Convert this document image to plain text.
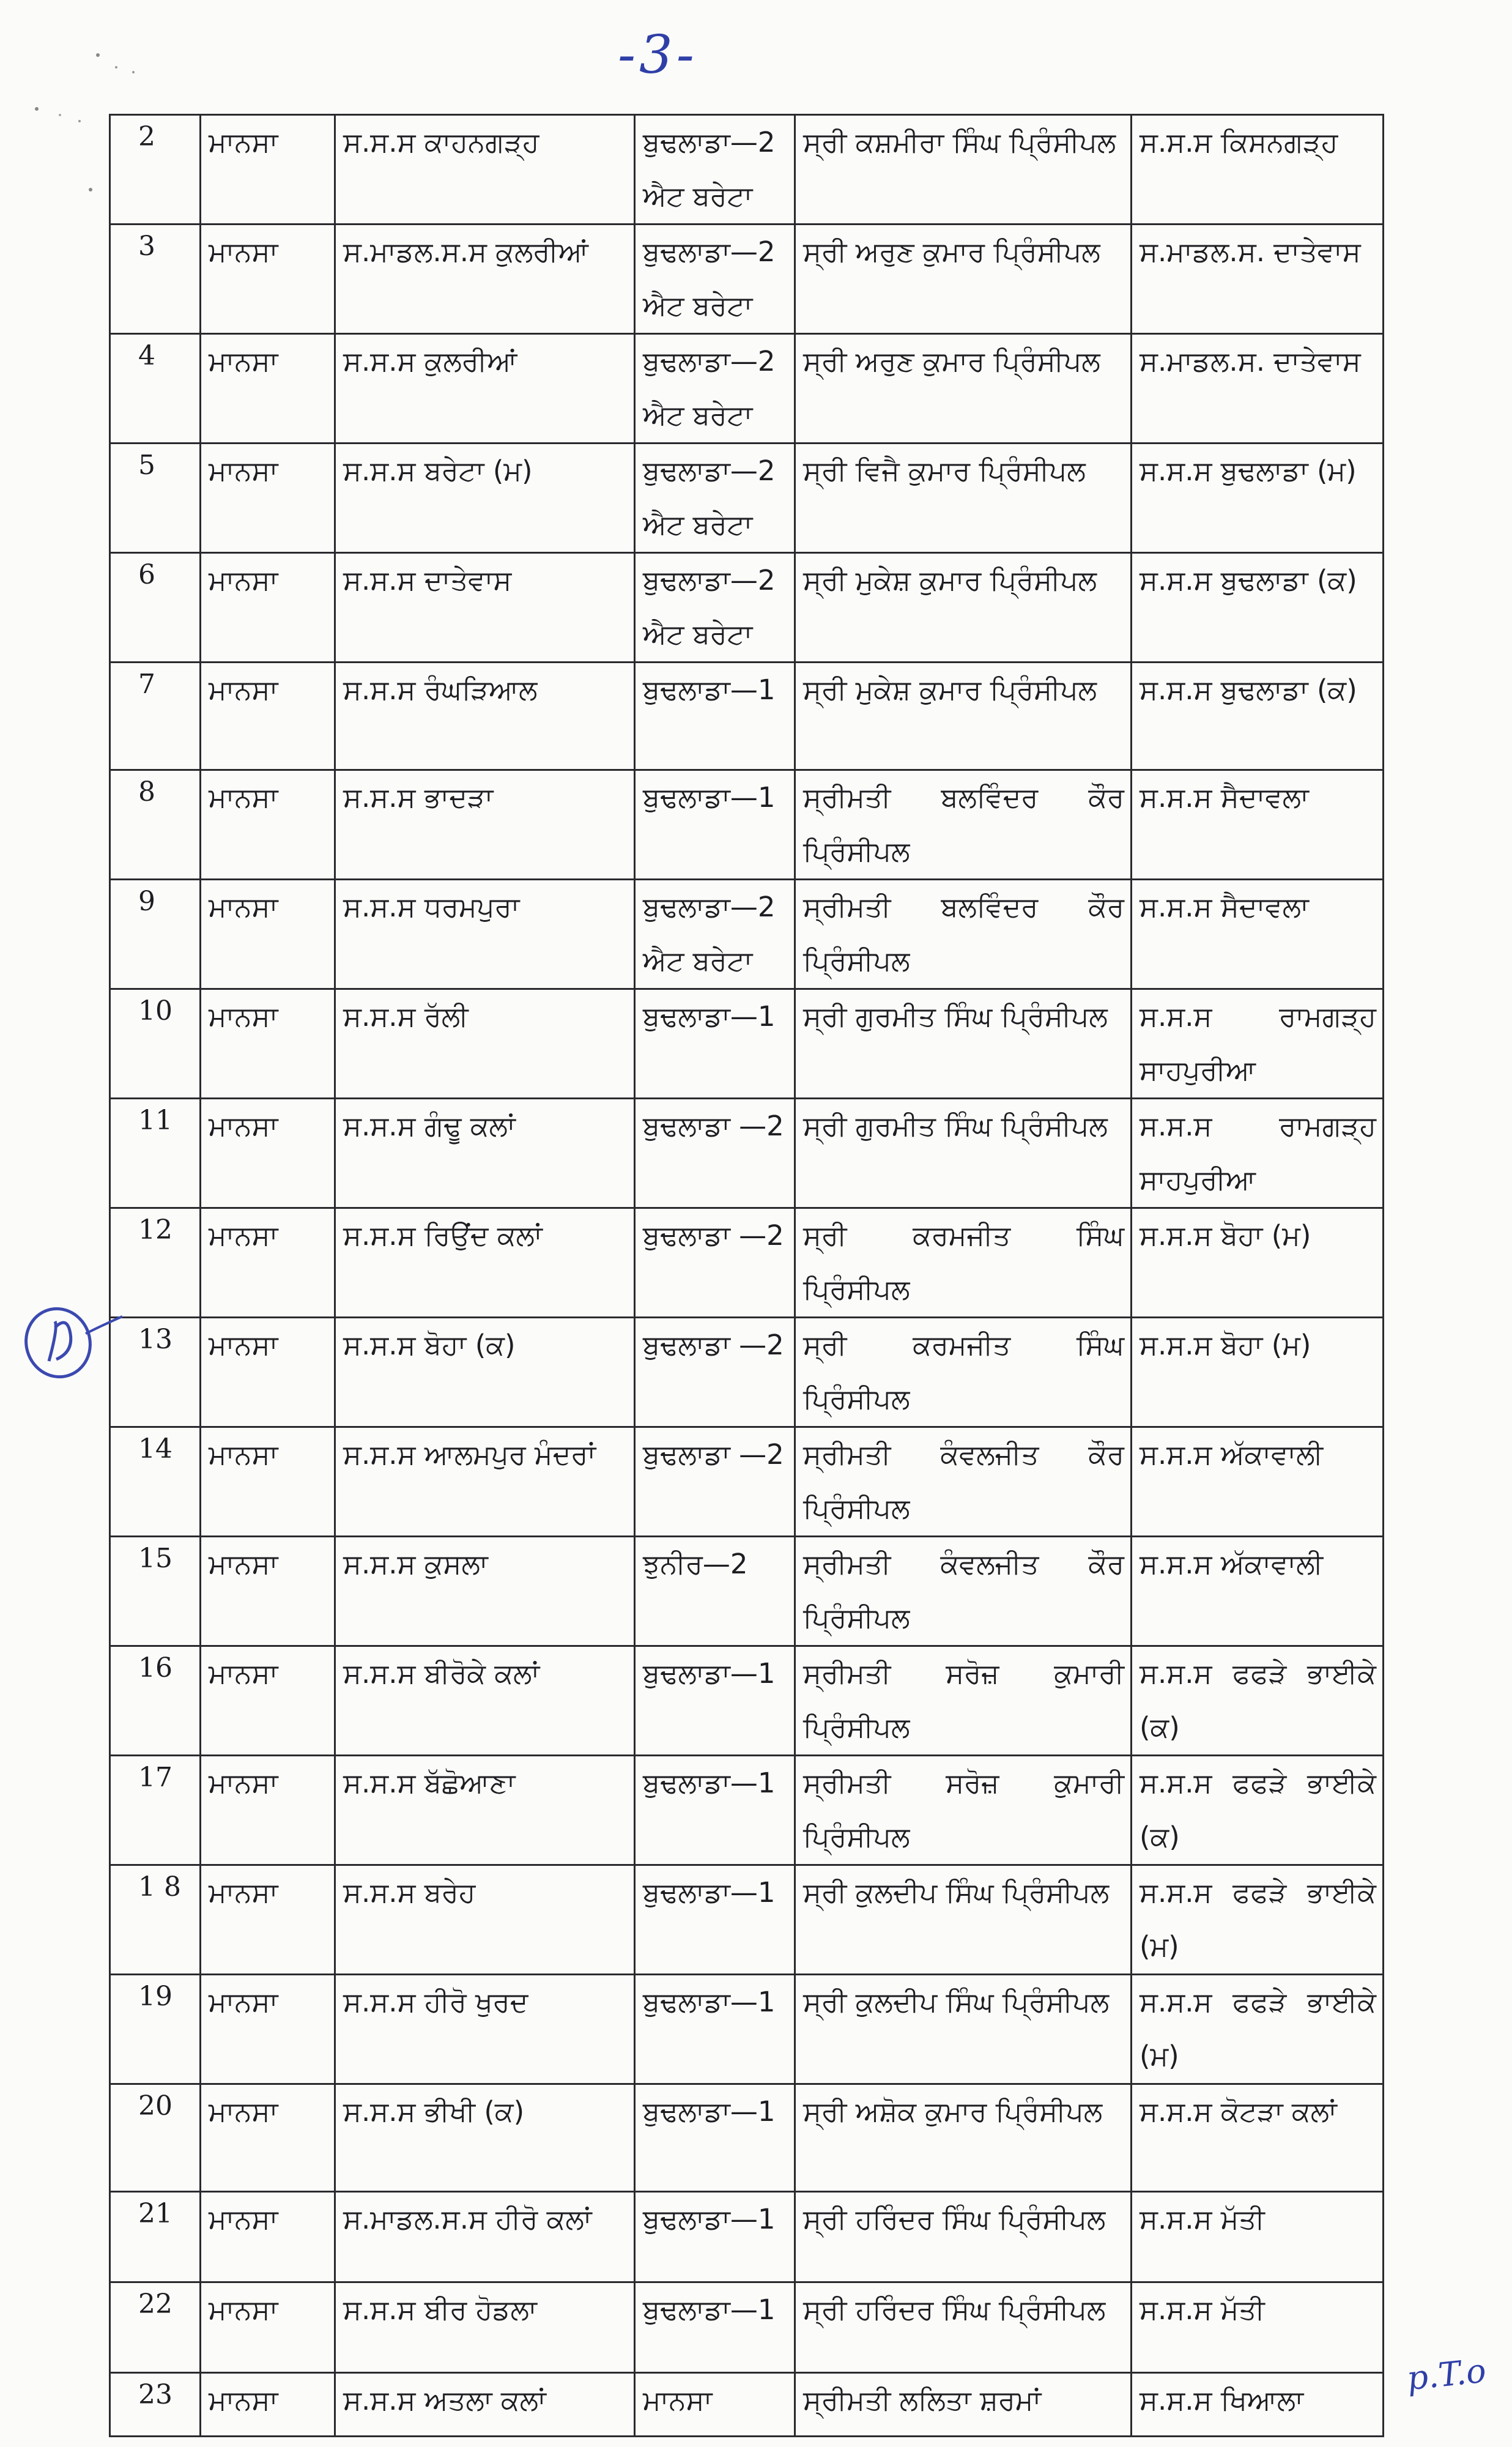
-3-
2	ਮਾਨਸਾ	ਸ.ਸ.ਸ ਕਾਹਨਗੜ੍ਹ	ਬੁਢਲਾਡਾ—2 ਐਟ ਬਰੇਟਾ	ਸ੍ਰੀ ਕਸ਼ਮੀਰਾ ਸਿੰਘ ਪ੍ਰਿੰਸੀਪਲ	ਸ.ਸ.ਸ ਕਿਸਨਗੜ੍ਹ
3	ਮਾਨਸਾ	ਸ.ਮਾਡਲ.ਸ.ਸ ਕੁਲਰੀਆਂ	ਬੁਢਲਾਡਾ—2 ਐਟ ਬਰੇਟਾ	ਸ੍ਰੀ ਅਰੁਣ ਕੁਮਾਰ ਪ੍ਰਿੰਸੀਪਲ	ਸ.ਮਾਡਲ.ਸ. ਦਾਤੇਵਾਸ
4	ਮਾਨਸਾ	ਸ.ਸ.ਸ ਕੁਲਰੀਆਂ	ਬੁਢਲਾਡਾ—2 ਐਟ ਬਰੇਟਾ	ਸ੍ਰੀ ਅਰੁਣ ਕੁਮਾਰ ਪ੍ਰਿੰਸੀਪਲ	ਸ.ਮਾਡਲ.ਸ. ਦਾਤੇਵਾਸ
5	ਮਾਨਸਾ	ਸ.ਸ.ਸ ਬਰੇਟਾ (ਮ)	ਬੁਢਲਾਡਾ—2 ਐਟ ਬਰੇਟਾ	ਸ੍ਰੀ ਵਿਜੈ ਕੁਮਾਰ ਪ੍ਰਿੰਸੀਪਲ	ਸ.ਸ.ਸ ਬੁਢਲਾਡਾ (ਮ)
6	ਮਾਨਸਾ	ਸ.ਸ.ਸ ਦਾਤੇਵਾਸ	ਬੁਢਲਾਡਾ—2 ਐਟ ਬਰੇਟਾ	ਸ੍ਰੀ ਮੁਕੇਸ਼ ਕੁਮਾਰ ਪ੍ਰਿੰਸੀਪਲ	ਸ.ਸ.ਸ ਬੁਢਲਾਡਾ (ਕ)
7	ਮਾਨਸਾ	ਸ.ਸ.ਸ ਰੰਘੜਿਆਲ	ਬੁਢਲਾਡਾ—1	ਸ੍ਰੀ ਮੁਕੇਸ਼ ਕੁਮਾਰ ਪ੍ਰਿੰਸੀਪਲ	ਸ.ਸ.ਸ ਬੁਢਲਾਡਾ (ਕ)
8	ਮਾਨਸਾ	ਸ.ਸ.ਸ ਭਾਦੜਾ	ਬੁਢਲਾਡਾ—1	ਸ੍ਰੀਮਤੀ ਬਲਵਿੰਦਰ ਕੌਰ ਪ੍ਰਿੰਸੀਪਲ	ਸ.ਸ.ਸ ਸੈਦਾਵਲਾ
9	ਮਾਨਸਾ	ਸ.ਸ.ਸ ਧਰਮਪੁਰਾ	ਬੁਢਲਾਡਾ—2 ਐਟ ਬਰੇਟਾ	ਸ੍ਰੀਮਤੀ ਬਲਵਿੰਦਰ ਕੌਰ ਪ੍ਰਿੰਸੀਪਲ	ਸ.ਸ.ਸ ਸੈਦਾਵਲਾ
10	ਮਾਨਸਾ	ਸ.ਸ.ਸ ਰੱਲੀ	ਬੁਢਲਾਡਾ—1	ਸ੍ਰੀ ਗੁਰਮੀਤ ਸਿੰਘ ਪ੍ਰਿੰਸੀਪਲ	ਸ.ਸ.ਸ ਰਾਮਗੜ੍ਹ ਸਾਹਪੁਰੀਆ
11	ਮਾਨਸਾ	ਸ.ਸ.ਸ ਗੰਢੂ ਕਲਾਂ	ਬੁਢਲਾਡਾ —2	ਸ੍ਰੀ ਗੁਰਮੀਤ ਸਿੰਘ ਪ੍ਰਿੰਸੀਪਲ	ਸ.ਸ.ਸ ਰਾਮਗੜ੍ਹ ਸਾਹਪੁਰੀਆ
12	ਮਾਨਸਾ	ਸ.ਸ.ਸ ਰਿਉਂਦ ਕਲਾਂ	ਬੁਢਲਾਡਾ —2	ਸ੍ਰੀ ਕਰਮਜੀਤ ਸਿੰਘ ਪ੍ਰਿੰਸੀਪਲ	ਸ.ਸ.ਸ ਬੋਹਾ (ਮ)
13	ਮਾਨਸਾ	ਸ.ਸ.ਸ ਬੋਹਾ (ਕ)	ਬੁਢਲਾਡਾ —2	ਸ੍ਰੀ ਕਰਮਜੀਤ ਸਿੰਘ ਪ੍ਰਿੰਸੀਪਲ	ਸ.ਸ.ਸ ਬੋਹਾ (ਮ)
14	ਮਾਨਸਾ	ਸ.ਸ.ਸ ਆਲਮਪੁਰ ਮੰਦਰਾਂ	ਬੁਢਲਾਡਾ —2	ਸ੍ਰੀਮਤੀ ਕੰਵਲਜੀਤ ਕੌਰ ਪ੍ਰਿੰਸੀਪਲ	ਸ.ਸ.ਸ ਅੱਕਾਵਾਲੀ
15	ਮਾਨਸਾ	ਸ.ਸ.ਸ ਕੁਸਲਾ	ਝੁਨੀਰ—2	ਸ੍ਰੀਮਤੀ ਕੰਵਲਜੀਤ ਕੌਰ ਪ੍ਰਿੰਸੀਪਲ	ਸ.ਸ.ਸ ਅੱਕਾਵਾਲੀ
16	ਮਾਨਸਾ	ਸ.ਸ.ਸ ਬੀਰੋਕੇ ਕਲਾਂ	ਬੁਢਲਾਡਾ—1	ਸ੍ਰੀਮਤੀ ਸਰੋਜ਼ ਕੁਮਾਰੀ ਪ੍ਰਿੰਸੀਪਲ	ਸ.ਸ.ਸ ਫਫੜੇ ਭਾਈਕੇ (ਕ)
17	ਮਾਨਸਾ	ਸ.ਸ.ਸ ਬੱਛੋਆਣਾ	ਬੁਢਲਾਡਾ—1	ਸ੍ਰੀਮਤੀ ਸਰੋਜ਼ ਕੁਮਾਰੀ ਪ੍ਰਿੰਸੀਪਲ	ਸ.ਸ.ਸ ਫਫੜੇ ਭਾਈਕੇ (ਕ)
1 8	ਮਾਨਸਾ	ਸ.ਸ.ਸ ਬਰੇਹ	ਬੁਢਲਾਡਾ—1	ਸ੍ਰੀ ਕੁਲਦੀਪ ਸਿੰਘ ਪ੍ਰਿੰਸੀਪਲ	ਸ.ਸ.ਸ ਫਫੜੇ ਭਾਈਕੇ (ਮ)
19	ਮਾਨਸਾ	ਸ.ਸ.ਸ ਹੀਰੋ ਖੁਰਦ	ਬੁਢਲਾਡਾ—1	ਸ੍ਰੀ ਕੁਲਦੀਪ ਸਿੰਘ ਪ੍ਰਿੰਸੀਪਲ	ਸ.ਸ.ਸ ਫਫੜੇ ਭਾਈਕੇ (ਮ)
20	ਮਾਨਸਾ	ਸ.ਸ.ਸ ਭੀਖੀ (ਕ)	ਬੁਢਲਾਡਾ—1	ਸ੍ਰੀ ਅਸ਼ੋਕ ਕੁਮਾਰ ਪ੍ਰਿੰਸੀਪਲ	ਸ.ਸ.ਸ ਕੋਟੜਾ ਕਲਾਂ
21	ਮਾਨਸਾ	ਸ.ਮਾਡਲ.ਸ.ਸ ਹੀਰੋ ਕਲਾਂ	ਬੁਢਲਾਡਾ—1	ਸ੍ਰੀ ਹਰਿੰਦਰ ਸਿੰਘ ਪ੍ਰਿੰਸੀਪਲ	ਸ.ਸ.ਸ ਮੱਤੀ
22	ਮਾਨਸਾ	ਸ.ਸ.ਸ ਬੀਰ ਹੋਡਲਾ	ਬੁਢਲਾਡਾ—1	ਸ੍ਰੀ ਹਰਿੰਦਰ ਸਿੰਘ ਪ੍ਰਿੰਸੀਪਲ	ਸ.ਸ.ਸ ਮੱਤੀ
23	ਮਾਨਸਾ	ਸ.ਸ.ਸ ਅਤਲਾ ਕਲਾਂ	ਮਾਨਸਾ	ਸ੍ਰੀਮਤੀ ਲਲਿਤਾ ਸ਼ਰਮਾਂ	ਸ.ਸ.ਸ ਖਿਆਲਾ
p.T.o
